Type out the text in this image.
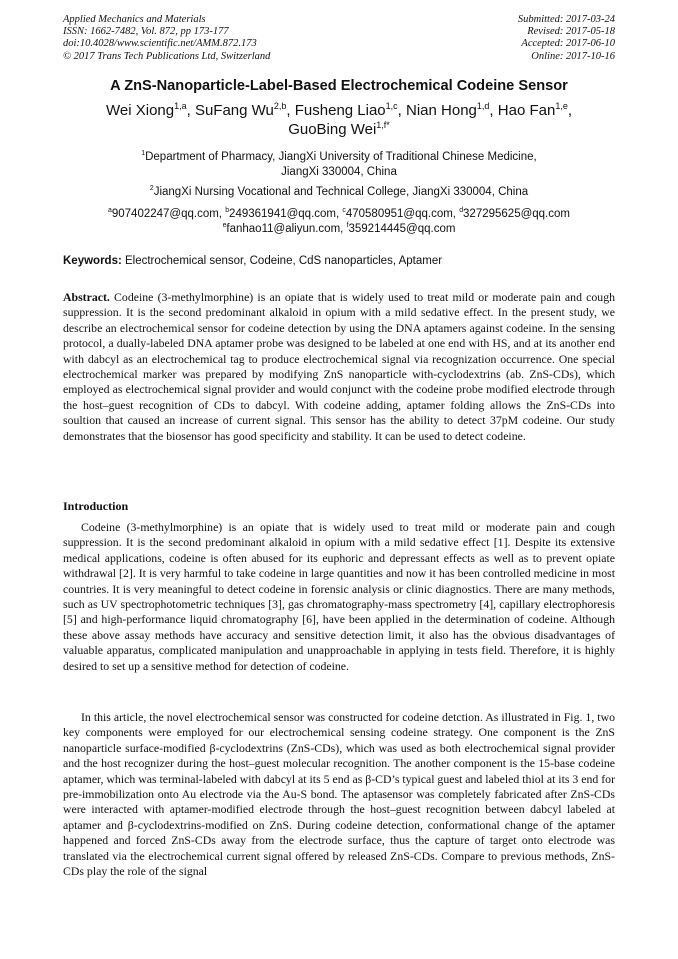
Applied Mechanics and Materials
ISSN: 1662-7482, Vol. 872, pp 173-177
doi:10.4028/www.scientific.net/AMM.872.173
© 2017 Trans Tech Publications Ltd, Switzerland
Submitted: 2017-03-24
Revised: 2017-05-18
Accepted: 2017-06-10
Online: 2017-10-16
A ZnS-Nanoparticle-Label-Based Electrochemical Codeine Sensor
Wei Xiong$^{1,a}$, SuFang Wu$^{2,b}$, Fusheng Liao$^{1,c}$, Nian Hong$^{1,d}$, Hao Fan$^{1,e}$,
GuoBing Wei$^{1,f*}$
$^1$Department of Pharmacy, JiangXi University of Traditional Chinese Medicine,
JiangXi 330004, China
$^2$JiangXi Nursing Vocational and Technical College, JiangXi 330004, China
$^a$907402247@qq.com, $^b$249361941@qq.com, $^c$470580951@qq.com, $^d$327295625@qq.com
$^e$fanhao11@aliyun.com, $^f$359214445@qq.com
Keywords: Electrochemical sensor, Codeine, CdS nanoparticles, Aptamer

Abstract. Codeine (3-methylmorphine) is an opiate that is widely used to treat mild or moderate pain and cough suppression. It is the second predominant alkaloid in opium with a mild sedative effect. In the present study, we describe an electrochemical sensor for codeine detection by using the DNA aptamers against codeine. In the sensing protocol, a dually-labeled DNA aptamer probe was designed to be labeled at one end with HS, and at its another end with dabcyl as an electrochemical tag to produce electrochemical signal via recognization occurrence. One special electrochemical marker was prepared by modifying ZnS nanoparticle with-cyclodextrins (ab. ZnS-CDs), which employed as electrochemical signal provider and would conjunct with the codeine probe modified electrode through the host–guest recognition of CDs to dabcyl. With codeine adding, aptamer folding allows the ZnS-CDs into soultion that caused an increase of current signal. This sensor has the ability to detect 37pM codeine. Our study demonstrates that the biosensor has good specificity and stability. It can be used to detect codeine.

Introduction

Codeine (3-methylmorphine) is an opiate that is widely used to treat mild or moderate pain and cough suppression. It is the second predominant alkaloid in opium with a mild sedative effect [1]. Despite its extensive medical applications, codeine is often abused for its euphoric and depressant effects as well as to prevent opiate withdrawal [2]. It is very harmful to take codeine in large quantities and now it has been controlled medicine in most countries. It is very meaningful to detect codeine in forensic analysis or clinic diagnostics. There are many methods, such as UV spectrophotometric techniques [3], gas chromatography-mass spectrometry [4], capillary electrophoresis [5] and high-performance liquid chromatography [6], have been applied in the determination of codeine. Although these above assay methods have accuracy and sensitive detection limit, it also has the obvious disadvantages of valuable apparatus, complicated manipulation and unapproachable in applying in tests field. Therefore, it is highly desired to set up a sensitive method for detection of codeine.

In this article, the novel electrochemical sensor was constructed for codeine detction. As illustrated in Fig. 1, two key components were employed for our electrochemical sensing codeine strategy. One component is the ZnS nanoparticle surface-modified β-cyclodextrins (ZnS-CDs), which was used as both electrochemical signal provider and the host recognizer during the host–guest molecular recognition. The another component is the 15-base codeine aptamer, which was terminal-labeled with dabcyl at its 5 end as β-CD’s typical guest and labeled thiol at its 3 end for pre-immobilization onto Au electrode via the Au-S bond. The aptasensor was completely fabricated after ZnS-CDs were interacted with aptamer-modified electrode through the host–guest recognition between dabcyl labeled at aptamer and β-cyclodextrins-modified on ZnS. During codeine detection, conformational change of the aptamer happened and forced ZnS-CDs away from the electrode surface, thus the capture of target onto electrode was translated via the electrochemical current signal offered by released ZnS-CDs. Compare to previous methods, ZnS-CDs play the role of the signal
